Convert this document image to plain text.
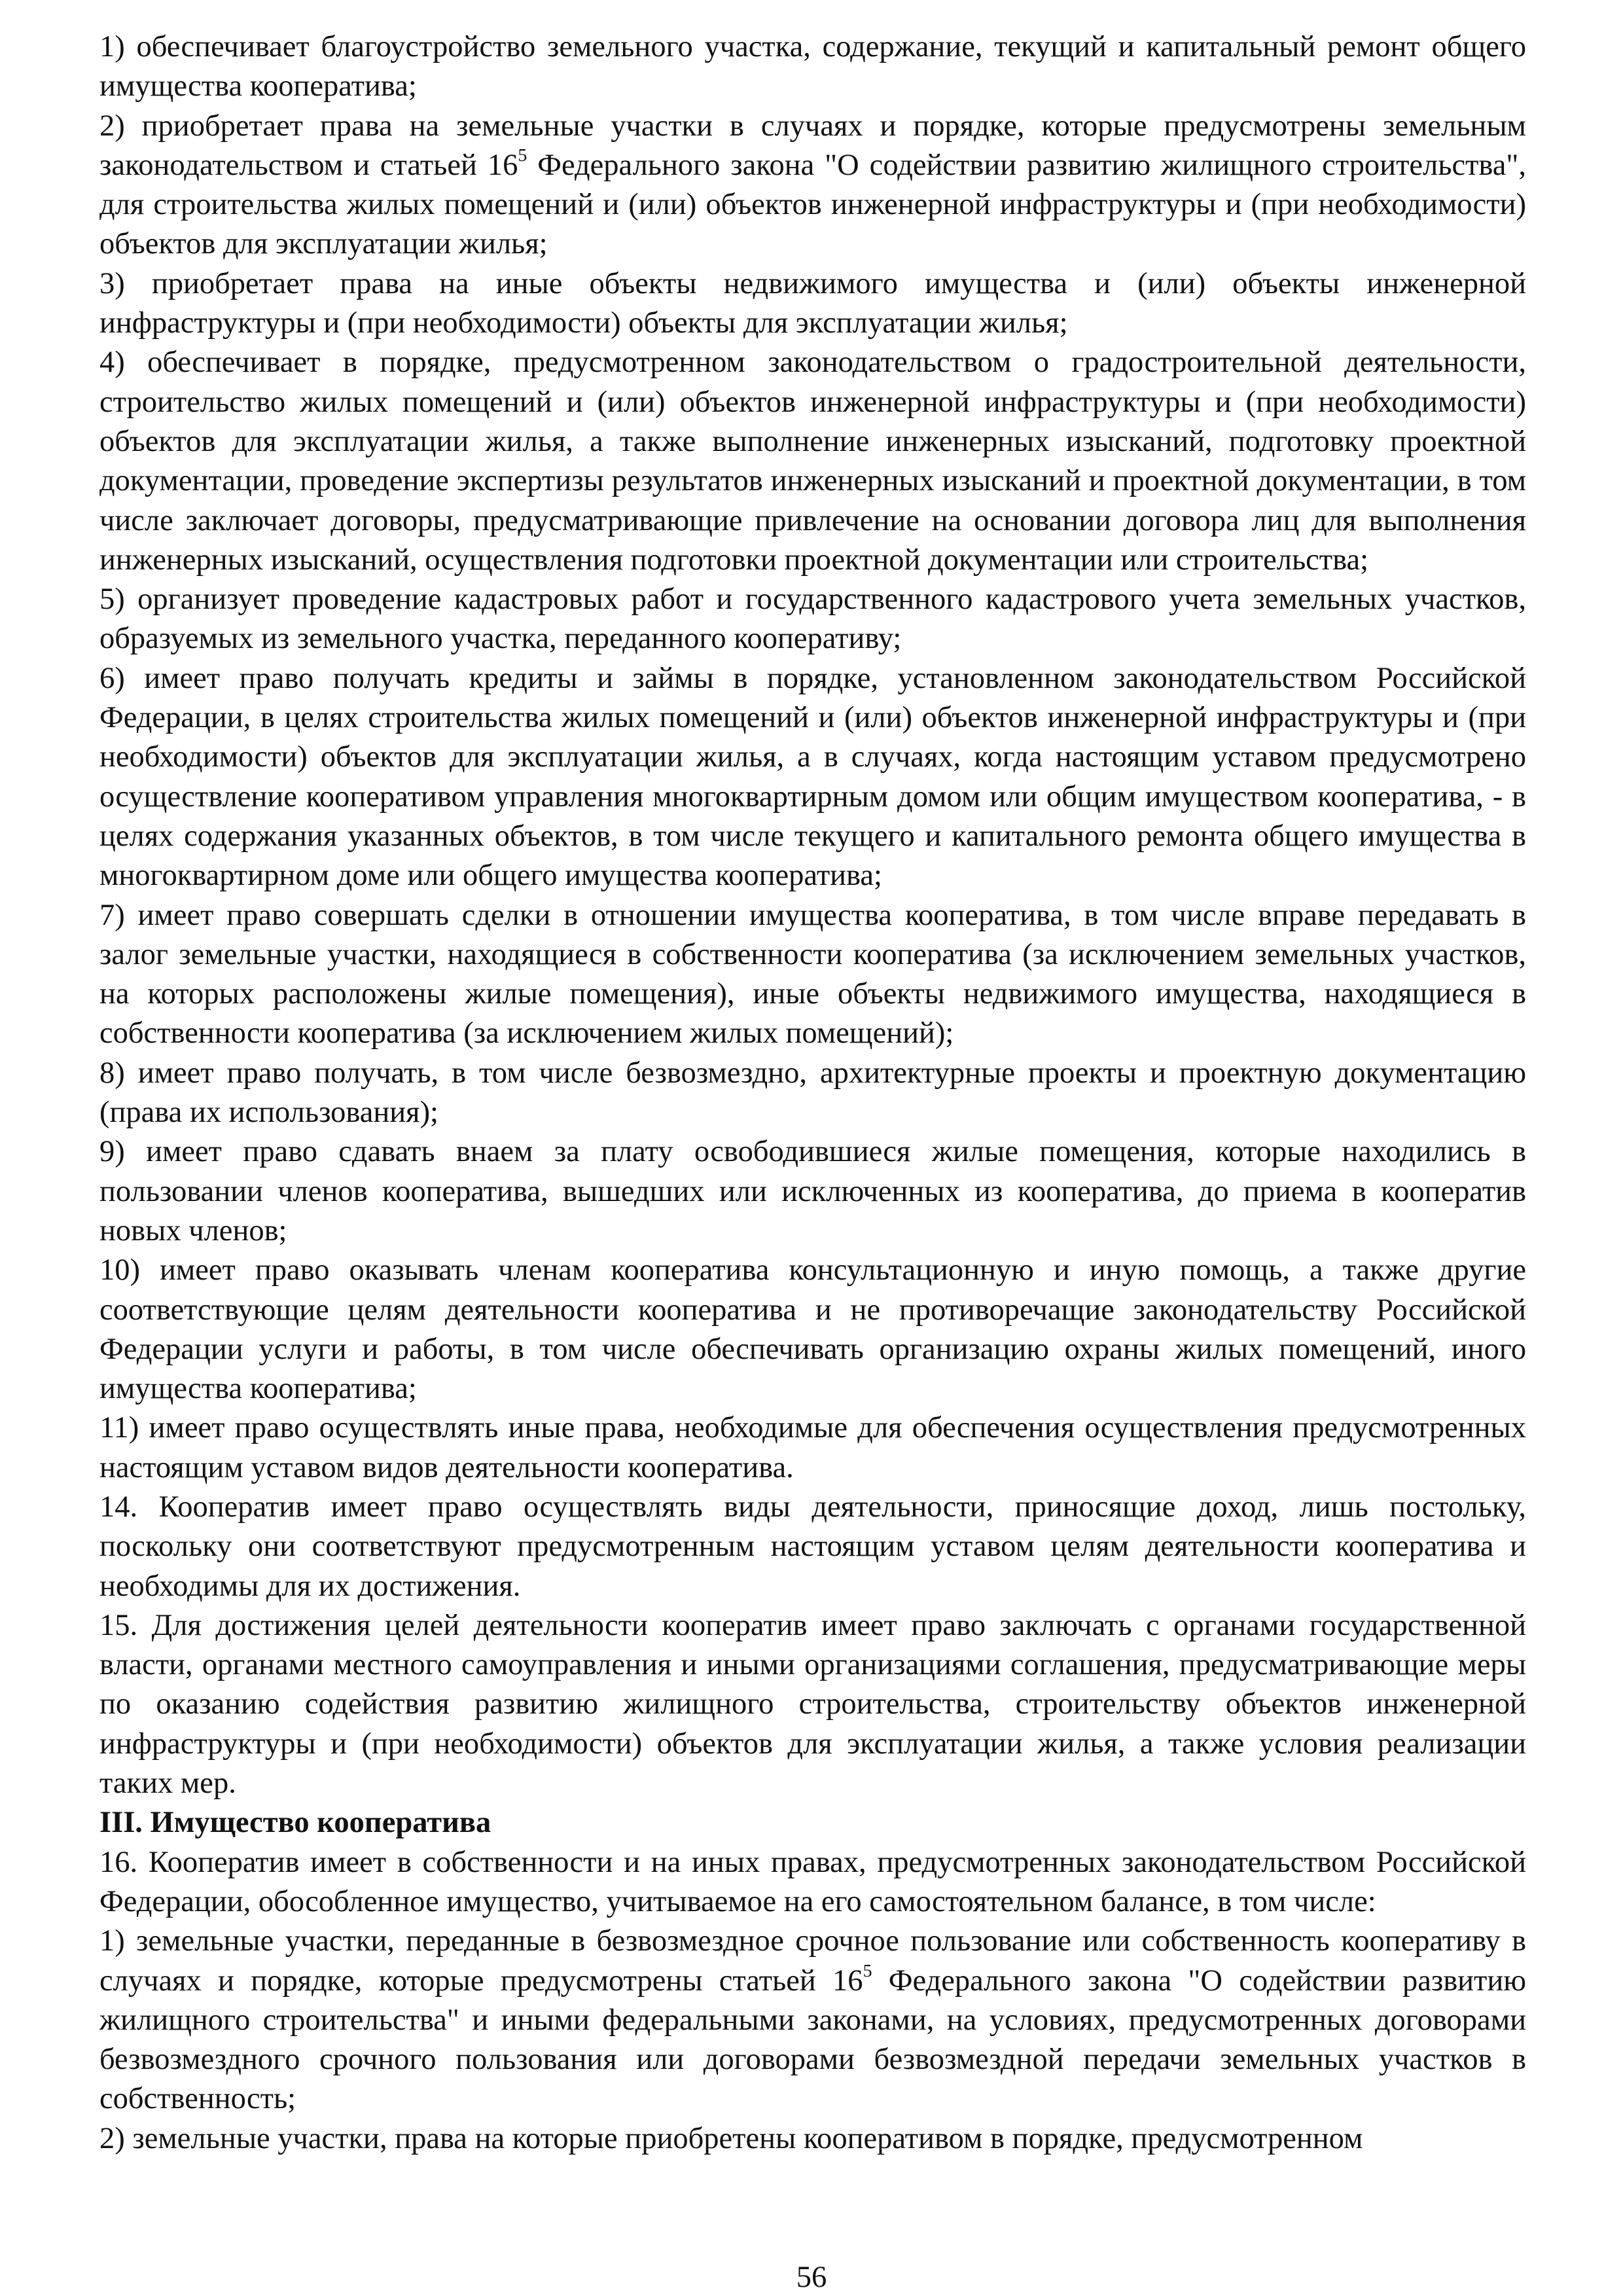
1) обеспечивает благоустройство земельного участка, содержание, текущий и капитальный ремонт общего имущества кооператива;

2) приобретает права на земельные участки в случаях и порядке, которые предусмотрены земельным законодательством и статьей $16^5$ Федерального закона "О содействии развитию жилищного строительства", для строительства жилых помещений и (или) объектов инженерной инфраструктуры и (при необходимости) объектов для эксплуатации жилья;

3) приобретает права на иные объекты недвижимого имущества и (или) объекты инженерной инфраструктуры и (при необходимости) объекты для эксплуатации жилья;

4) обеспечивает в порядке, предусмотренном законодательством о градостроительной деятельности, строительство жилых помещений и (или) объектов инженерной инфраструктуры и (при необходимости) объектов для эксплуатации жилья, а также выполнение инженерных изысканий, подготовку проектной документации, проведение экспертизы результатов инженерных изысканий и проектной документации, в том числе заключает договоры, предусматривающие привлечение на основании договора лиц для выполнения инженерных изысканий, осуществления подготовки проектной документации или строительства;

5) организует проведение кадастровых работ и государственного кадастрового учета земельных участков, образуемых из земельного участка, переданного кооперативу;

6) имеет право получать кредиты и займы в порядке, установленном законодательством Российской Федерации, в целях строительства жилых помещений и (или) объектов инженерной инфраструктуры и (при необходимости) объектов для эксплуатации жилья, а в случаях, когда настоящим уставом предусмотрено осуществление кооперативом управления многоквартирным домом или общим имуществом кооператива, - в целях содержания указанных объектов, в том числе текущего и капитального ремонта общего имущества в многоквартирном доме или общего имущества кооператива;

7) имеет право совершать сделки в отношении имущества кооператива, в том числе вправе передавать в залог земельные участки, находящиеся в собственности кооператива (за исключением земельных участков, на которых расположены жилые помещения), иные объекты недвижимого имущества, находящиеся в собственности кооператива (за исключением жилых помещений);

8) имеет право получать, в том числе безвозмездно, архитектурные проекты и проектную документацию (права их использования);

9) имеет право сдавать внаем за плату освободившиеся жилые помещения, которые находились в пользовании членов кооператива, вышедших или исключенных из кооператива, до приема в кооператив новых членов;

10) имеет право оказывать членам кооператива консультационную и иную помощь, а также другие соответствующие целям деятельности кооператива и не противоречащие законодательству Российской Федерации услуги и работы, в том числе обеспечивать организацию охраны жилых помещений, иного имущества кооператива;

11) имеет право осуществлять иные права, необходимые для обеспечения осуществления предусмотренных настоящим уставом видов деятельности кооператива.

14. Кооператив имеет право осуществлять виды деятельности, приносящие доход, лишь постольку, поскольку они соответствуют предусмотренным настоящим уставом целям деятельности кооператива и необходимы для их достижения.

15. Для достижения целей деятельности кооператив имеет право заключать с органами государственной власти, органами местного самоуправления и иными организациями соглашения, предусматривающие меры по оказанию содействия развитию жилищного строительства, строительству объектов инженерной инфраструктуры и (при необходимости) объектов для эксплуатации жилья, а также условия реализации таких мер.

III. Имущество кооператива

16. Кооператив имеет в собственности и на иных правах, предусмотренных законодательством Российской Федерации, обособленное имущество, учитываемое на его самостоятельном балансе, в том числе:

1) земельные участки, переданные в безвозмездное срочное пользование или собственность кооперативу в случаях и порядке, которые предусмотрены статьей $16^5$ Федерального закона "О содействии развитию жилищного строительства" и иными федеральными законами, на условиях, предусмотренных договорами безвозмездного срочного пользования или договорами безвозмездной передачи земельных участков в собственность;

2) земельные участки, права на которые приобретены кооперативом в порядке, предусмотренном

56
